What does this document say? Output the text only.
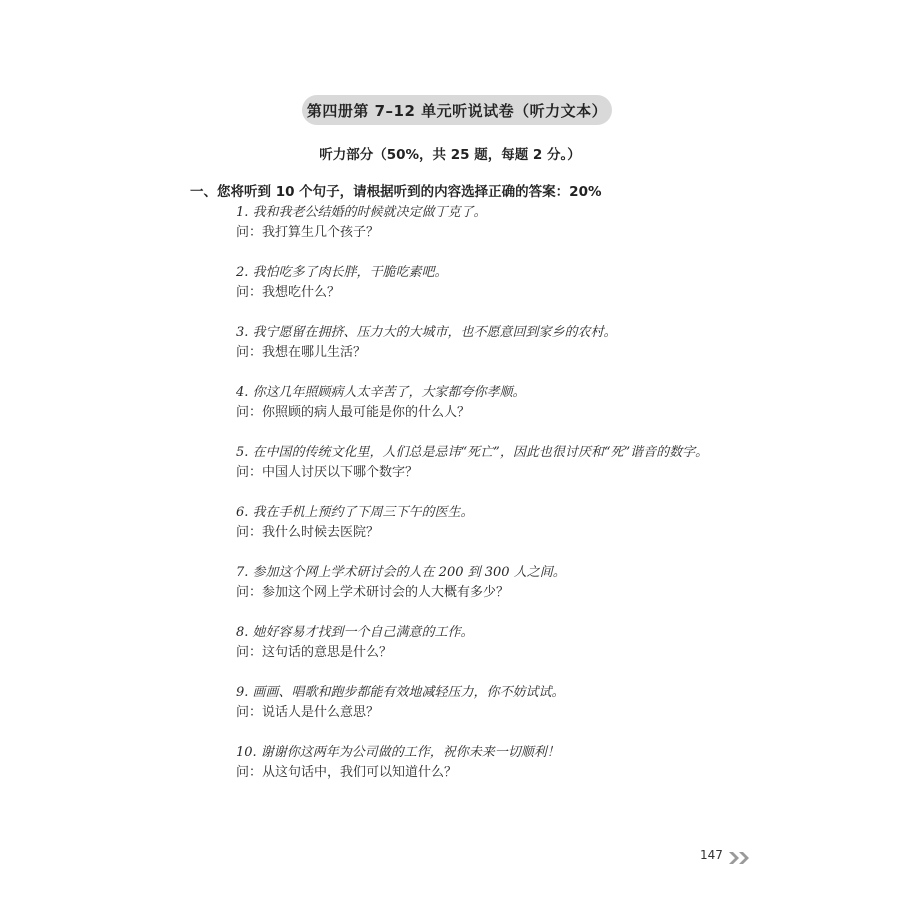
第四册第 7–12 单元听说试卷（听力文本）
听力部分（50%，共 25 题，每题 2 分。）
一、您将听到 10 个句子，请根据听到的内容选择正确的答案：20%
1. 我和我老公结婚的时候就决定做丁克了。
问：我打算生几个孩子？
2. 我怕吃多了肉长胖，干脆吃素吧。
问：我想吃什么？
3. 我宁愿留在拥挤、压力大的大城市，也不愿意回到家乡的农村。
问：我想在哪儿生活？
4. 你这几年照顾病人太辛苦了，大家都夸你孝顺。
问：你照顾的病人最可能是你的什么人？
5. 在中国的传统文化里，人们总是忌讳“死亡”，因此也很讨厌和“死”谐音的数字。
问：中国人讨厌以下哪个数字？
6. 我在手机上预约了下周三下午的医生。
问：我什么时候去医院？
7. 参加这个网上学术研讨会的人在 200 到 300 人之间。
问：参加这个网上学术研讨会的人大概有多少？
8. 她好容易才找到一个自己满意的工作。
问：这句话的意思是什么？
9. 画画、唱歌和跑步都能有效地减轻压力，你不妨试试。
问：说话人是什么意思？
10. 谢谢你这两年为公司做的工作，祝你未来一切顺利！
问：从这句话中，我们可以知道什么？
147
